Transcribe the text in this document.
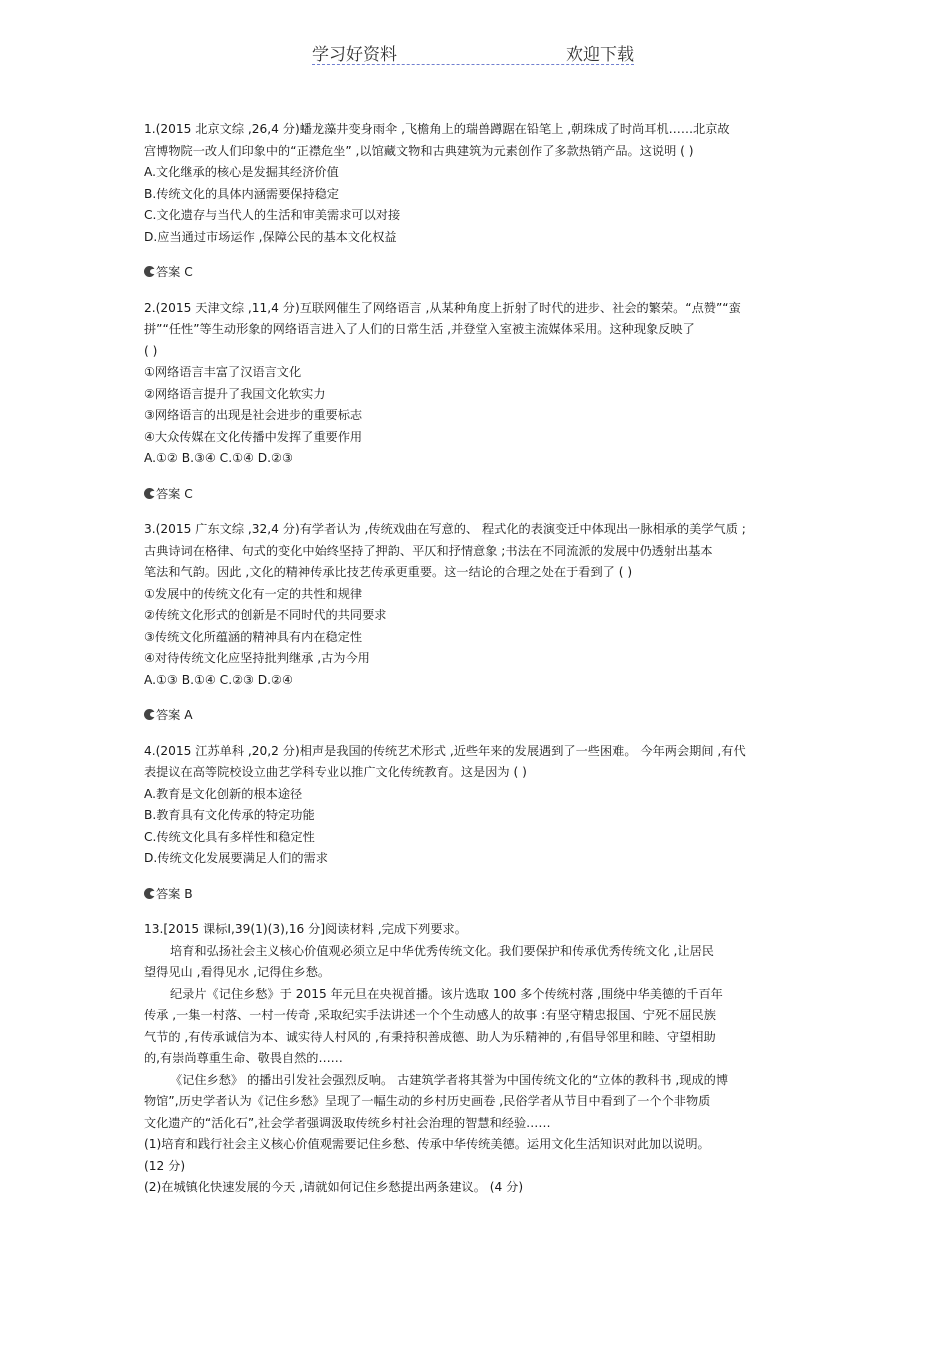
学习好资料	欢迎下载
1.(2015 北京文综 ,26,4 分)蟠龙藻井变身雨伞 ,飞檐角上的瑞兽蹲踞在铅笔上 ,朝珠成了时尚耳机……北京故
宫博物院一改人们印象中的“正襟危坐” ,以馆藏文物和古典建筑为元素创作了多款热销产品。这说明 ( )
A.文化继承的核心是发掘其经济价值
B.传统文化的具体内涵需要保持稳定
C.文化遗存与当代人的生活和审美需求可以对接
D.应当通过市场运作 ,保障公民的基本文化权益
答案 C
2.(2015 天津文综 ,11,4 分)互联网催生了网络语言 ,从某种角度上折射了时代的进步、社会的繁荣。“点赞”“蛮
拼”“任性”等生动形象的网络语言进入了人们的日常生活 ,并登堂入室被主流媒体采用。这种现象反映了
( )
①网络语言丰富了汉语言文化
②网络语言提升了我国文化软实力
③网络语言的出现是社会进步的重要标志
④大众传媒在文化传播中发挥了重要作用
A.①② B.③④ C.①④ D.②③
答案 C
3.(2015 广东文综 ,32,4 分)有学者认为 ,传统戏曲在写意的、 程式化的表演变迁中体现出一脉相承的美学气质 ;
古典诗词在格律、句式的变化中始终坚持了押韵、平仄和抒情意象 ;书法在不同流派的发展中仍透射出基本
笔法和气韵。因此 ,文化的精神传承比技艺传承更重要。这一结论的合理之处在于看到了 ( )
①发展中的传统文化有一定的共性和规律
②传统文化形式的创新是不同时代的共同要求
③传统文化所蕴涵的精神具有内在稳定性
④对待传统文化应坚持批判继承 ,古为今用
A.①③ B.①④ C.②③ D.②④
答案 A
4.(2015 江苏单科 ,20,2 分)相声是我国的传统艺术形式 ,近些年来的发展遇到了一些困难。 今年两会期间 ,有代
表提议在高等院校设立曲艺学科专业以推广文化传统教育。这是因为 ( )
A.教育是文化创新的根本途径
B.教育具有文化传承的特定功能
C.传统文化具有多样性和稳定性
D.传统文化发展要满足人们的需求
答案 B
13.[2015 课标Ⅰ,39(1)(3),16 分]阅读材料 ,完成下列要求。
培育和弘扬社会主义核心价值观必须立足中华优秀传统文化。我们要保护和传承优秀传统文化 ,让居民
望得见山 ,看得见水 ,记得住乡愁。
纪录片《记住乡愁》于 2015 年元旦在央视首播。该片选取 100 多个传统村落 ,围绕中华美德的千百年
传承 ,一集一村落、一村一传奇 ,采取纪实手法讲述一个个生动感人的故事 :有坚守精忠报国、宁死不屈民族
气节的 ,有传承诚信为本、诚实待人村风的 ,有秉持积善成德、助人为乐精神的 ,有倡导邻里和睦、守望相助
的,有崇尚尊重生命、敬畏自然的……
《记住乡愁》 的播出引发社会强烈反响。 古建筑学者将其誉为中国传统文化的“立体的教科书 ,现成的博
物馆”,历史学者认为《记住乡愁》呈现了一幅生动的乡村历史画卷 ,民俗学者从节目中看到了一个个非物质
文化遗产的“活化石”,社会学者强调汲取传统乡村社会治理的智慧和经验……
(1)培育和践行社会主义核心价值观需要记住乡愁、传承中华传统美德。运用文化生活知识对此加以说明。
(12 分)
(2)在城镇化快速发展的今天 ,请就如何记住乡愁提出两条建议。 (4 分)
